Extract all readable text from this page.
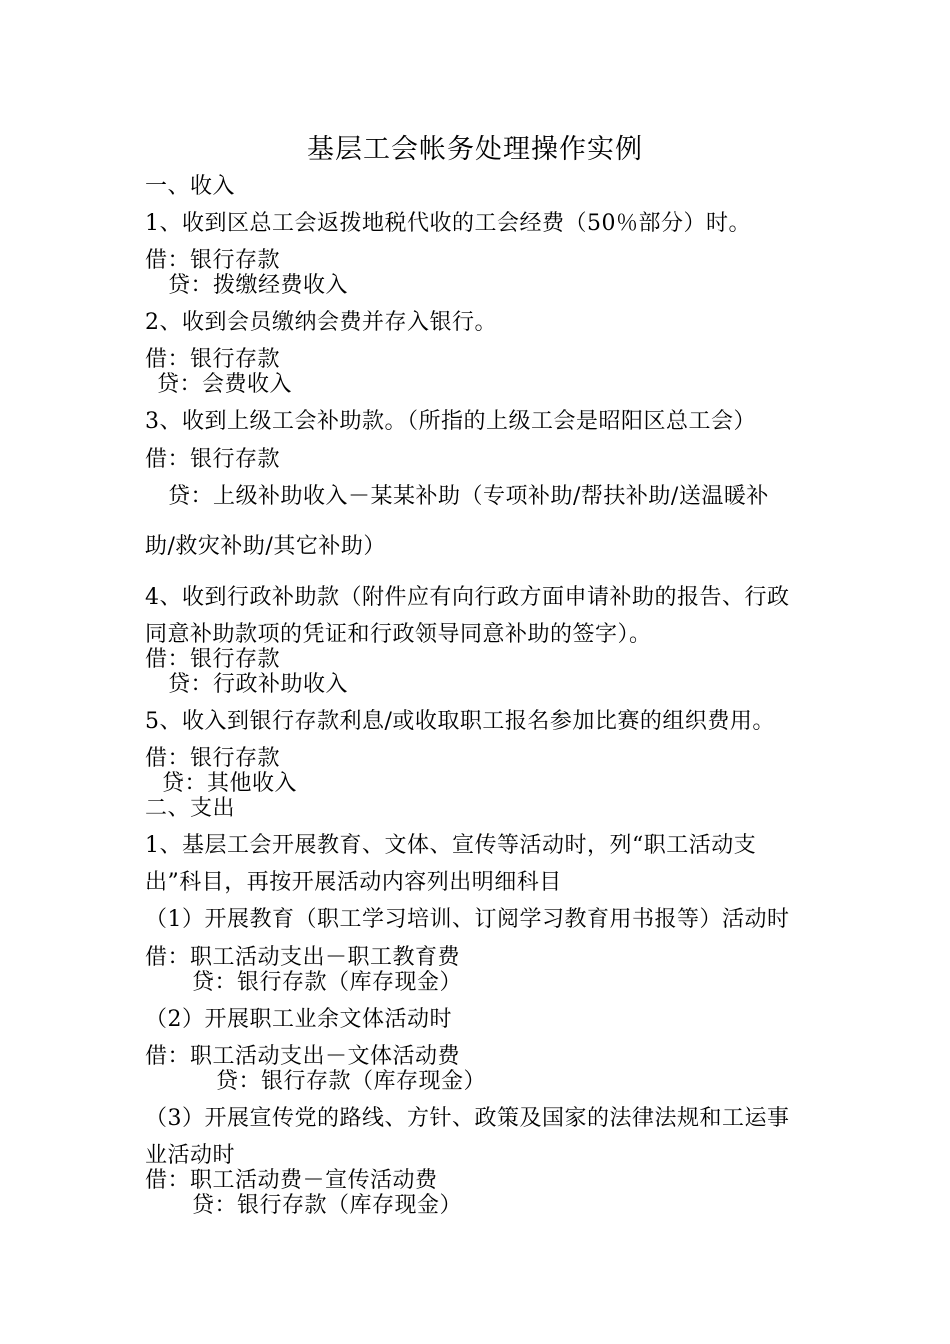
基层工会帐务处理操作实例
一、收入
1、收到区总工会返拨地税代收的工会经费（50％部分）时。
借：银行存款
贷：拨缴经费收入
2、收到会员缴纳会费并存入银行。
借：银行存款
贷：会费收入
3、收到上级工会补助款。（所指的上级工会是昭阳区总工会）
借：银行存款
贷：上级补助收入－某某补助（专项补助/帮扶补助/送温暖补
助/救灾补助/其它补助）
4、收到行政补助款（附件应有向行政方面申请补助的报告、行政
同意补助款项的凭证和行政领导同意补助的签字）。
借：银行存款
贷：行政补助收入
5、收入到银行存款利息/或收取职工报名参加比赛的组织费用。
借：银行存款
贷：其他收入
二、支出
1、基层工会开展教育、文体、宣传等活动时，列“职工活动支
出”科目，再按开展活动内容列出明细科目
（1）开展教育（职工学习培训、订阅学习教育用书报等）活动时
借：职工活动支出－职工教育费
贷：银行存款（库存现金）
（2）开展职工业余文体活动时
借：职工活动支出－文体活动费
贷：银行存款（库存现金）
（3）开展宣传党的路线、方针、政策及国家的法律法规和工运事
业活动时
借：职工活动费－宣传活动费
贷：银行存款（库存现金）
